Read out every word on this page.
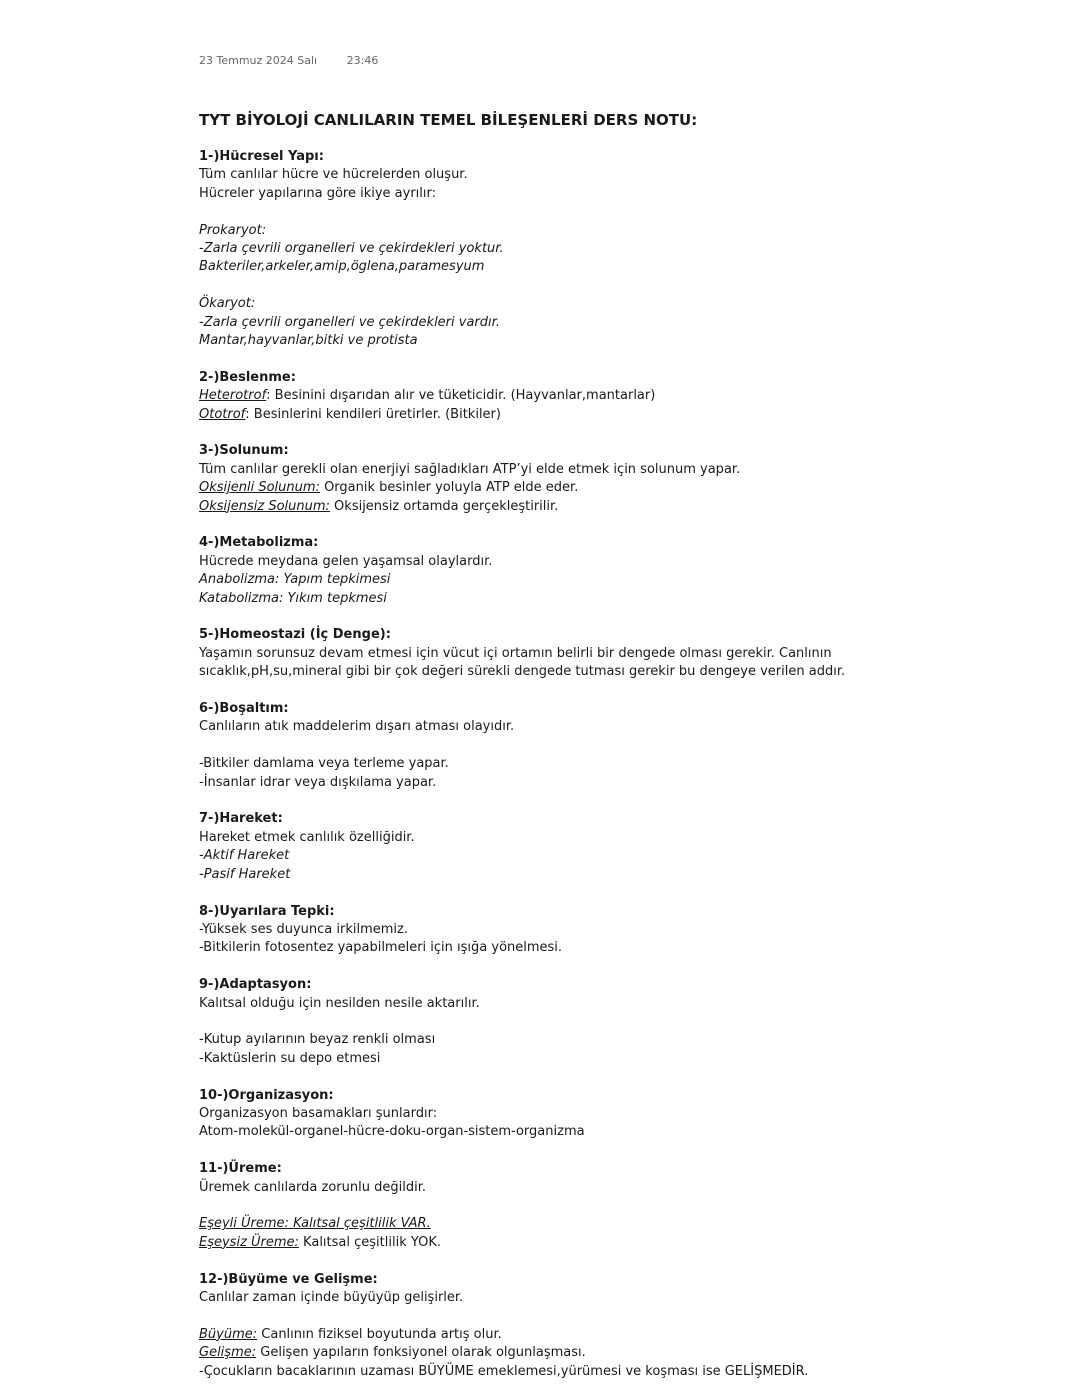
23 Temmuz 2024 Salı	23:46
TYT BİYOLOJİ CANLILARIN TEMEL BİLEŞENLERİ DERS NOTU:
1-)Hücresel Yapı:
Tüm canlılar hücre ve hücrelerden oluşur.
Hücreler yapılarına göre ikiye ayrılır:
Prokaryot:
-Zarla çevrili organelleri ve çekirdekleri yoktur.
Bakteriler,arkeler,amip,öglena,paramesyum
Ökaryot:
-Zarla çevrili organelleri ve çekirdekleri vardır.
Mantar,hayvanlar,bitki ve protista
2-)Beslenme:
Heterotrof: Besinini dışarıdan alır ve tüketicidir. (Hayvanlar,mantarlar)
Ototrof: Besinlerini kendileri üretirler. (Bitkiler)
3-)Solunum:
Tüm canlılar gerekli olan enerjiyi sağladıkları ATP’yi elde etmek için solunum yapar.
Oksijenli Solunum: Organik besinler yoluyla ATP elde eder.
Oksijensiz Solunum: Oksijensiz ortamda gerçekleştirilir.
4-)Metabolizma:
Hücrede meydana gelen yaşamsal olaylardır.
Anabolizma: Yapım tepkimesi
Katabolizma: Yıkım tepkmesi
5-)Homeostazi (İç Denge):
Yaşamın sorunsuz devam etmesi için vücut içi ortamın belirli bir dengede olması gerekir. Canlının
sıcaklık,pH,su,mineral gibi bir çok değeri sürekli dengede tutması gerekir bu dengeye verilen addır.
6-)Boşaltım:
Canlıların atık maddelerim dışarı atması olayıdır.
-Bitkiler damlama veya terleme yapar.
-İnsanlar idrar veya dışkılama yapar.
7-)Hareket:
Hareket etmek canlılık özelliğidir.
-Aktif Hareket
-Pasif Hareket
8-)Uyarılara Tepki:
-Yüksek ses duyunca irkilmemiz.
-Bitkilerin fotosentez yapabilmeleri için ışığa yönelmesi.
9-)Adaptasyon:
Kalıtsal olduğu için nesilden nesile aktarılır.
-Kutup ayılarının beyaz renkli olması
-Kaktüslerin su depo etmesi
10-)Organizasyon:
Organizasyon basamakları şunlardır:
Atom-molekül-organel-hücre-doku-organ-sistem-organizma
11-)Üreme:
Üremek canlılarda zorunlu değildir.
Eşeyli Üreme: Kalıtsal çeşitlilik VAR.
Eşeysiz Üreme: Kalıtsal çeşitlilik YOK.
12-)Büyüme ve Gelişme:
Canlılar zaman içinde büyüyüp gelişirler.
Büyüme: Canlının fiziksel boyutunda artış olur.
Gelişme: Gelişen yapıların fonksiyonel olarak olgunlaşması.
-Çocukların bacaklarının uzaması BÜYÜME emeklemesi,yürümesi ve koşması ise GELİŞMEDİR.
